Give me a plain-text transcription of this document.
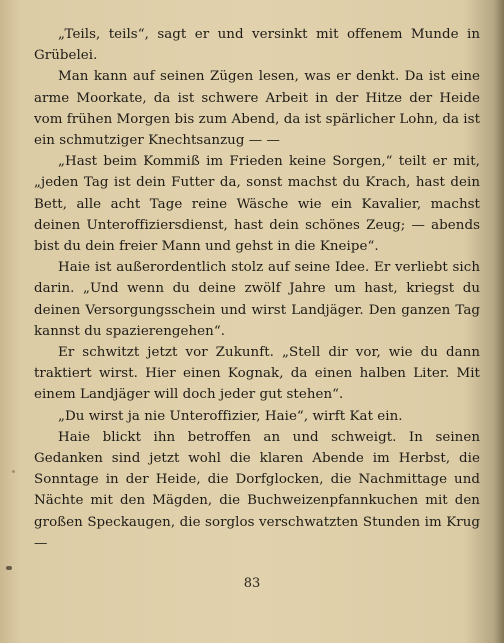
„Teils, teils“, sagt er und versinkt mit offenem Munde in Grübelei.

Man kann auf seinen Zügen lesen, was er denkt. Da ist eine arme Moorkate, da ist schwere Arbeit in der Hitze der Heide vom frühen Morgen bis zum Abend, da ist spärlicher Lohn, da ist ein schmutziger Knechtsanzug — —

„Hast beim Kommiß im Frieden keine Sorgen,“ teilt er mit, „jeden Tag ist dein Futter da, sonst machst du Krach, hast dein Bett, alle acht Tage reine Wäsche wie ein Kavalier, machst deinen Unteroffiziersdienst, hast dein schönes Zeug; — abends bist du dein freier Mann und gehst in die Kneipe“.

Haie ist außerordentlich stolz auf seine Idee. Er verliebt sich darin. „Und wenn du deine zwölf Jahre um hast, kriegst du deinen Versorgungsschein und wirst Landjäger. Den ganzen Tag kannst du spazierengehen“.

Er schwitzt jetzt vor Zukunft. „Stell dir vor, wie du dann traktiert wirst. Hier einen Kognak, da einen halben Liter. Mit einem Landjäger will doch jeder gut stehen“.

„Du wirst ja nie Unteroffizier, Haie“, wirft Kat ein.

Haie blickt ihn betroffen an und schweigt. In seinen Gedanken sind jetzt wohl die klaren Abende im Herbst, die Sonntage in der Heide, die Dorfglocken, die Nachmittage und Nächte mit den Mägden, die Buchweizenpfannkuchen mit den großen Speckaugen, die sorglos verschwatzten Stunden im Krug —

83
